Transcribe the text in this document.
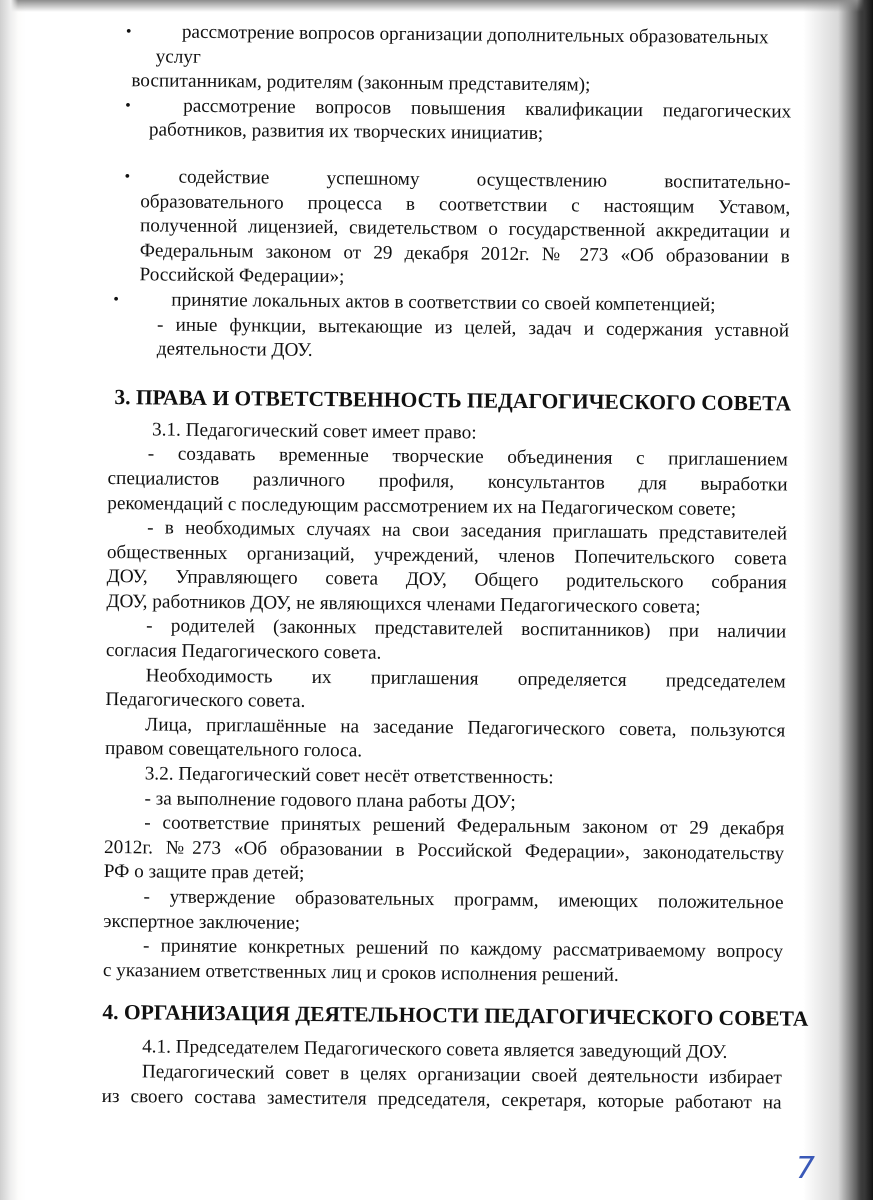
•	рассмотрение вопросов организации дополнительных образовательных
услуг
воспитанникам, родителям (законным представителям);
•	рассмотрение вопросов повышения квалификации педагогических
работников, развития их творческих инициатив;
•	содействие успешному осуществлению воспитательно-
образовательного процесса в соответствии с настоящим Уставом,
полученной лицензией, свидетельством о государственной аккредитации и
Федеральным законом от 29 декабря 2012г. № 273 «Об образовании в
Российской Федерации»;
•	принятие локальных актов в соответствии со своей компетенцией;
- иные функции, вытекающие из целей, задач и содержания уставной
деятельности ДОУ.
3. ПРАВА И ОТВЕТСТВЕННОСТЬ ПЕДАГОГИЧЕСКОГО СОВЕТА
3.1. Педагогический совет имеет право:
- создавать временные творческие объединения с приглашением
специалистов различного профиля, консультантов для выработки
рекомендаций с последующим рассмотрением их на Педагогическом совете;
- в необходимых случаях на свои заседания приглашать представителей
общественных организаций, учреждений, членов Попечительского совета
ДОУ, Управляющего совета ДОУ, Общего родительского собрания
ДОУ, работников ДОУ, не являющихся членами Педагогического совета;
- родителей (законных представителей воспитанников) при наличии
согласия Педагогического совета.
Необходимость их приглашения определяется председателем
Педагогического совета.
Лица, приглашённые на заседание Педагогического совета, пользуются
правом совещательного голоса.
3.2. Педагогический совет несёт ответственность:
- за выполнение годового плана работы ДОУ;
- соответствие принятых решений Федеральным законом от 29 декабря
2012г. №273 «Об образовании в Российской Федерации», законодательству
РФ о защите прав детей;
- утверждение образовательных программ, имеющих положительное
экспертное заключение;
- принятие конкретных решений по каждому рассматриваемому вопросу
с указанием ответственных лиц и сроков исполнения решений.
4. ОРГАНИЗАЦИЯ ДЕЯТЕЛЬНОСТИ ПЕДАГОГИЧЕСКОГО СОВЕТА
4.1. Председателем Педагогического совета является заведующий ДОУ.
Педагогический совет в целях организации своей деятельности избирает
из своего состава заместителя председателя, секретаря, которые работают на
7
